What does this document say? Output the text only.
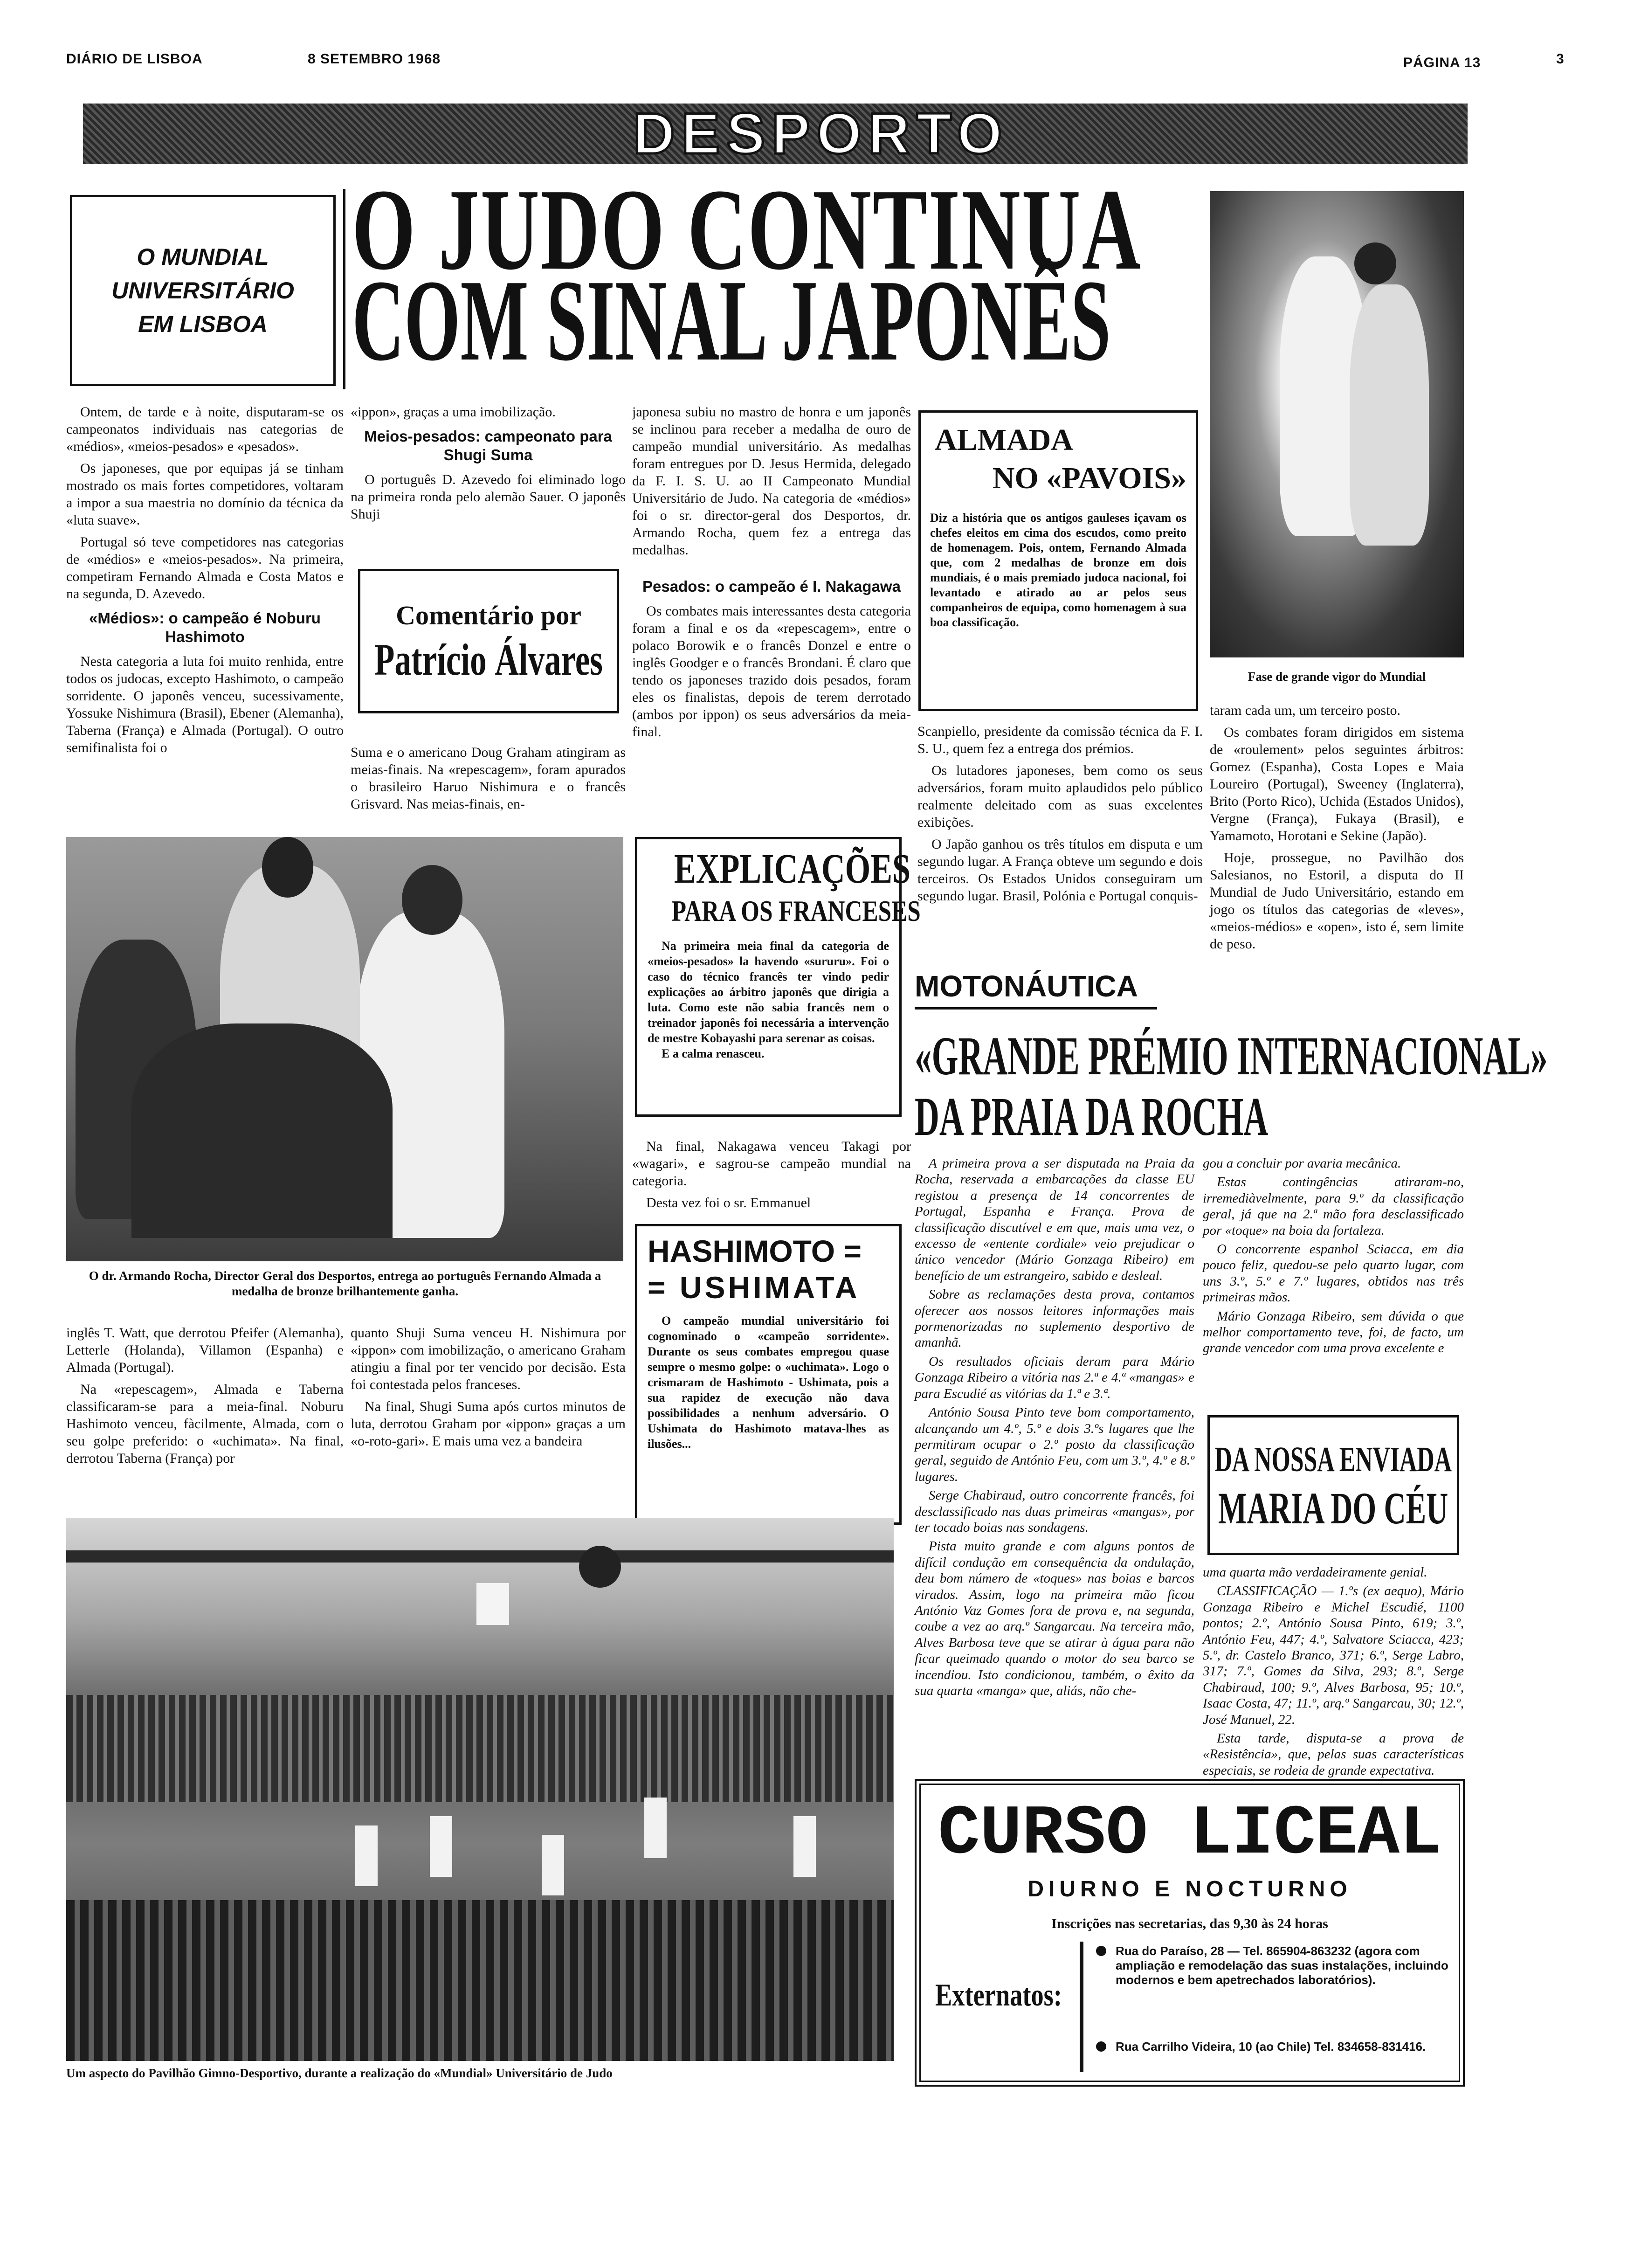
DIÁRIO DE LISBOA	8 SETEMBRO 1968	PÁGINA 13	3
DESPORTO
O MUNDIAL
UNIVERSITÁRIO
EM LISBOA
O JUDO CONTINUA
COM SINAL JAPONÊS
Fase de grande vigor do Mundial

Ontem, de tarde e à noite, disputaram-se os campeonatos individuais nas categorias de «médios», «meios-pesados» e «pesados».

Os japoneses, que por equipas já se tinham mostrado os mais fortes competidores, voltaram a impor a sua maestria no domínio da técnica da «luta suave».

Portugal só teve competidores nas categorias de «médios» e «meios-pesados». Na primeira, competiram Fernando Almada e Costa Matos e na segunda, D. Azevedo.

«Médios»: o campeão é Noburu Hashimoto

Nesta categoria a luta foi muito renhida, entre todos os judocas, excepto Hashimoto, o campeão sorridente. O japonês venceu, sucessivamente, Yossuke Nishimura (Brasil), Ebener (Alemanha), Taberna (França) e Almada (Portugal). O outro semifinalista foi o

«ippon», graças a uma imobilização.

Meios-pesados: campeonato para Shugi Suma

O português D. Azevedo foi eliminado logo na primeira ronda pelo alemão Sauer. O japonês Shuji

Comentário por
Patrício Álvares

Suma e o americano Doug Graham atingiram as meias-finais. Na «repescagem», foram apurados o brasileiro Haruo Nishimura e o francês Grisvard. Nas meias-finais, en-

japonesa subiu no mastro de honra e um japonês se inclinou para receber a medalha de ouro de campeão mundial universitário. As medalhas foram entregues por D. Jesus Hermida, delegado da F. I. S. U. ao II Campeonato Mundial Universitário de Judo. Na categoria de «médios» foi o sr. director-geral dos Desportos, dr. Armando Rocha, quem fez a entrega das medalhas.

Pesados: o campeão é I. Nakagawa

Os combates mais interessantes desta categoria foram a final e os da «repescagem», entre o polaco Borowik e o francês Donzel e entre o inglês Goodger e o francês Brondani. É claro que tendo os japoneses trazido dois pesados, foram eles os finalistas, depois de terem derrotado (ambos por ippon) os seus adversários da meia-final.

ALMADA
NO «PAVOIS»
Diz a história que os antigos gauleses içavam os chefes eleitos em cima dos escudos, como preito de homenagem. Pois, ontem, Fernando Almada que, com 2 medalhas de bronze em dois mundiais, é o mais premiado judoca nacional, foi levantado e atirado ao ar pelos seus companheiros de equipa, como homenagem à sua boa classificação.

Scanpiello, presidente da comissão técnica da F. I. S. U., quem fez a entrega dos prémios.

Os lutadores japoneses, bem como os seus adversários, foram muito aplaudidos pelo público realmente deleitado com as suas excelentes exibições.

O Japão ganhou os três títulos em disputa e um segundo lugar. A França obteve um segundo e dois terceiros. Os Estados Unidos conseguiram um segundo lugar. Brasil, Polónia e Portugal conquis-

taram cada um, um terceiro posto.

Os combates foram dirigidos em sistema de «roulement» pelos seguintes árbitros: Gomez (Espanha), Costa Lopes e Maia Loureiro (Portugal), Sweeney (Inglaterra), Brito (Porto Rico), Uchida (Estados Unidos), Vergne (França), Fukaya (Brasil), e Yamamoto, Horotani e Sekine (Japão).

Hoje, prossegue, no Pavilhão dos Salesianos, no Estoril, a disputa do II Mundial de Judo Universitário, estando em jogo os títulos das categorias de «leves», «meios-médios» e «open», isto é, sem limite de peso.

O dr. Armando Rocha, Director Geral dos Desportos, entrega ao português Fernando Almada a medalha de bronze brilhantemente ganha.

inglês T. Watt, que derrotou Pfeifer (Alemanha), Letterle (Holanda), Villamon (Espanha) e Almada (Portugal).

Na «repescagem», Almada e Taberna classificaram-se para a meia-final. Noburu Hashimoto venceu, fàcilmente, Almada, com o seu golpe preferido: o «uchimata». Na final, derrotou Taberna (França) por

quanto Shuji Suma venceu H. Nishimura por «ippon» com imobilização, o americano Graham atingiu a final por ter vencido por decisão. Esta foi contestada pelos franceses.

Na final, Shugi Suma após curtos minutos de luta, derrotou Graham por «ippon» graças a um «o-roto-gari». E mais uma vez a bandeira

EXPLICAÇÕES
PARA OS FRANCESES
Na primeira meia final da categoria de «meios-pesados» la havendo «sururu». Foi o caso do técnico francês ter vindo pedir explicações ao árbitro japonês que dirigia a luta. Como este não sabia francês nem o treinador japonês foi necessária a intervenção de mestre Kobayashi para serenar as coisas.
E a calma renasceu.

Na final, Nakagawa venceu Takagi por «wagari», e sagrou-se campeão mundial na categoria.

Desta vez foi o sr. Emmanuel

HASHIMOTO =
= USHIMATA
O campeão mundial universitário foi cognominado o «campeão sorridente». Durante os seus combates empregou quase sempre o mesmo golpe: o «uchimata». Logo o crismaram de Hashimoto - Ushimata, pois a sua rapidez de execução não dava possibilidades a nenhum adversário. O Ushimata do Hashimoto matava-lhes as ilusões...
MOTONÁUTICA
«GRANDE PRÉMIO INTERNACIONAL»
DA PRAIA DA ROCHA

A primeira prova a ser disputada na Praia da Rocha, reservada a embarcações da classe EU registou a presença de 14 concorrentes de Portugal, Espanha e França. Prova de classificação discutível e em que, mais uma vez, o excesso de «entente cordiale» veio prejudicar o único vencedor (Mário Gonzaga Ribeiro) em benefício de um estrangeiro, sabido e desleal.

Sobre as reclamações desta prova, contamos oferecer aos nossos leitores informações mais pormenorizadas no suplemento desportivo de amanhã.

Os resultados oficiais deram para Mário Gonzaga Ribeiro a vitória nas 2.ª e 4.ª «mangas» e para Escudié as vitórias da 1.ª e 3.ª.

António Sousa Pinto teve bom comportamento, alcançando um 4.º, 5.º e dois 3.ºs lugares que lhe permitiram ocupar o 2.º posto da classificação geral, seguido de António Feu, com um 3.º, 4.º e 8.º lugares.

Serge Chabiraud, outro concorrente francês, foi desclassificado nas duas primeiras «mangas», por ter tocado boias nas sondagens.

Pista muito grande e com alguns pontos de difícil condução em consequência da ondulação, deu bom número de «toques» nas boias e barcos virados. Assim, logo na primeira mão ficou António Vaz Gomes fora de prova e, na segunda, coube a vez ao arq.º Sangarcau. Na terceira mão, Alves Barbosa teve que se atirar à água para não ficar queimado quando o motor do seu barco se incendiou. Isto condicionou, também, o êxito da sua quarta «manga» que, aliás, não che-

gou a concluir por avaria mecânica.

Estas contingências atiraram-no, irremediàvelmente, para 9.º da classificação geral, já que na 2.ª mão fora desclassificado por «toque» na boia da fortaleza.

O concorrente espanhol Sciacca, em dia pouco feliz, quedou-se pelo quarto lugar, com uns 3.º, 5.º e 7.º lugares, obtidos nas três primeiras mãos.

Mário Gonzaga Ribeiro, sem dúvida o que melhor comportamento teve, foi, de facto, um grande vencedor com uma prova excelente e

DA NOSSA ENVIADA
MARIA DO CÉU

uma quarta mão verdadeiramente genial.

CLASSIFICAÇÃO — 1.ºs (ex aequo), Mário Gonzaga Ribeiro e Michel Escudié, 1100 pontos; 2.º, António Sousa Pinto, 619; 3.º, António Feu, 447; 4.º, Salvatore Sciacca, 423; 5.º, dr. Castelo Branco, 371; 6.º, Serge Labro, 317; 7.º, Gomes da Silva, 293; 8.º, Serge Chabiraud, 100; 9.º, Alves Barbosa, 95; 10.º, Isaac Costa, 47; 11.º, arq.º Sangarcau, 30; 12.º, José Manuel, 22.

Esta tarde, disputa-se a prova de «Resistência», que, pelas suas características especiais, se rodeia de grande expectativa.

Um aspecto do Pavilhão Gimno-Desportivo, durante a realização do «Mundial» Universitário de Judo
CURSO LICEAL
DIURNO E NOCTURNO
Inscrições nas secretarias, das 9,30 às 24 horas
Externatos:
Rua do Paraíso, 28 — Tel. 865904-863232 (agora com ampliação e remodelação das suas instalações, incluindo modernos e bem apetrechados laboratórios).
Rua Carrilho Videira, 10 (ao Chile) Tel. 834658-831416.
